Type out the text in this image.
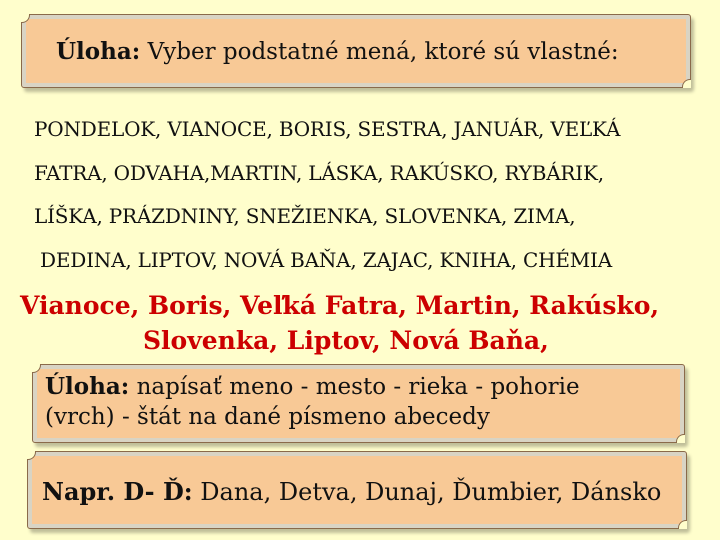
Úloha: Vyber podstatné mená, ktoré sú vlastné:
PONDELOK, VIANOCE, BORIS, SESTRA, JANUÁR, VEĽKÁ
FATRA, ODVAHA,MARTIN, LÁSKA, RAKÚSKO, RYBÁRIK,
LÍŠKA, PRÁZDNINY, SNEŽIENKA, SLOVENKA, ZIMA,
DEDINA, LIPTOV, NOVÁ BAŇA, ZAJAC, KNIHA, CHÉMIA
Vianoce, Boris, Veľká Fatra, Martin, Rakúsko,
Slovenka, Liptov, Nová Baňa,
Úloha: napísať meno - mesto - rieka - pohorie
(vrch) - štát na dané písmeno abecedy
Napr. D- Ď: Dana, Detva, Dunaj, Ďumbier, Dánsko
